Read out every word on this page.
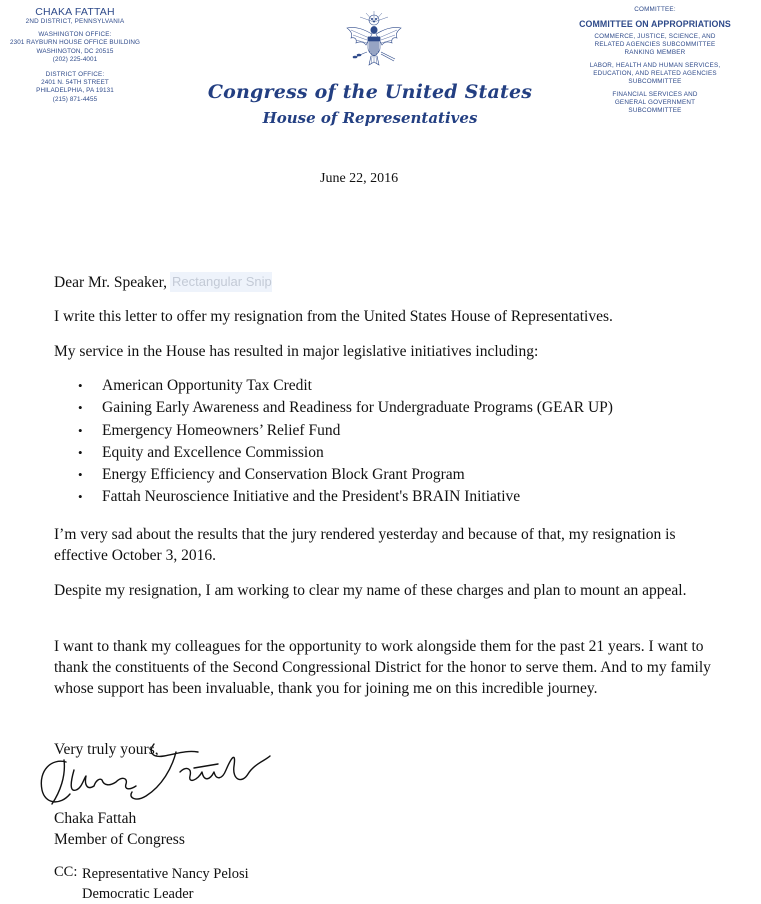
CHAKA FATTAH
2ND DISTRICT, PENNSYLVANIA
WASHINGTON OFFICE:
2301 RAYBURN HOUSE OFFICE BUILDING
WASHINGTON, DC 20515
(202) 225-4001
DISTRICT OFFICE:
2401 N. 54TH STREET
PHILADELPHIA, PA 19131
(215) 871-4455	Congress of the United States
House of Representatives
COMMITTEE:
COMMITTEE ON APPROPRIATIONS
COMMERCE, JUSTICE, SCIENCE, AND
RELATED AGENCIES SUBCOMMITTEE
RANKING MEMBER
LABOR, HEALTH AND HUMAN SERVICES,
EDUCATION, AND RELATED AGENCIES
SUBCOMMITTEE
FINANCIAL SERVICES AND
GENERAL GOVERNMENT
SUBCOMMITTEE
June 22, 2016
Rectangular Snip
Dear Mr. Speaker,
I write this letter to offer my resignation from the United States House of Representatives.
My service in the House has resulted in major legislative initiatives including:
• American Opportunity Tax Credit
• Gaining Early Awareness and Readiness for Undergraduate Programs (GEAR UP)
• Emergency Homeowners’ Relief Fund
• Equity and Excellence Commission
• Energy Efficiency and Conservation Block Grant Program
• Fattah Neuroscience Initiative and the President's BRAIN Initiative
I’m very sad about the results that the jury rendered yesterday and because of that, my resignation is effective October 3, 2016.
Despite my resignation, I am working to clear my name of these charges and plan to mount an appeal.
I want to thank my colleagues for the opportunity to work alongside them for the past 21 years. I want to thank the constituents of the Second Congressional District for the honor to serve them. And to my family whose support has been invaluable, thank you for joining me on this incredible journey.
Very truly yours,
Chaka Fattah
Member of Congress
CC: Representative Nancy Pelosi
Democratic Leader
